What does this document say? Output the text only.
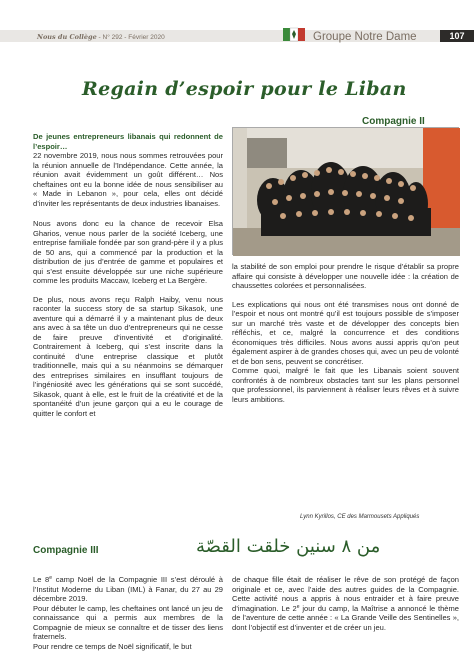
Nous du Collège - N° 292 - Février 2020	Groupe Notre Dame	107
Regain d’espoir pour le Liban
Compagnie II

De jeunes entrepreneurs libanais qui redonnent de l’espoir…

22 novembre 2019, nous nous sommes retrouvées pour la réunion annuelle de l’Indépendance. Cette année, la réunion avait évidemment un goût différent… Nos cheftaines ont eu la bonne idée de nous sensibiliser au « Made in Lebanon », pour cela, elles ont décidé d’inviter les représentants de deux industries libanaises.

Nous avons donc eu la chance de recevoir Elsa Gharios, venue nous parler de la société Iceberg, une entreprise familiale fondée par son grand-père il y a plus de 50 ans, qui a commencé par la production et la distribution de jus d’entrée de gamme et populaires et qui s’est ensuite développée sur une niche supérieure comme les produits Maccaw, Iceberg et La Bergère.

De plus, nous avons reçu Ralph Haiby, venu nous raconter la success story de sa startup Sikasok, une aventure qui a démarré il y a maintenant plus de deux ans avec à sa tête un duo d’entrepreneurs qui ne cesse de faire preuve d’inventivité et d’originalité. Contrairement à Iceberg, qui s’est inscrite dans la continuité d’une entreprise classique et plutôt traditionnelle, mais qui a su néanmoins se démarquer des entreprises similaires en insufflant toujours de l’ingéniosité avec les générations qui se sont succédé, Sikasok, quant à elle, est le fruit de la créativité et de la spontanéité d’un jeune garçon qui a eu le courage de quitter le confort et

la stabilité de son emploi pour prendre le risque d’établir sa propre affaire qui consiste à développer une nouvelle idée : la création de chaussettes colorées et personnalisées.

Les explications qui nous ont été transmises nous ont donné de l’espoir et nous ont montré qu’il est toujours possible de s’imposer sur un marché très vaste et de développer des concepts bien réfléchis, et ce, malgré la concurrence et des conditions économiques très difficiles. Nous avons aussi appris qu’on peut également aspirer à de grandes choses qui, avec un peu de volonté et de bon sens, peuvent se concrétiser.

Comme quoi, malgré le fait que les Libanais soient souvent confrontés à de nombreux obstacles tant sur les plans personnel que professionnel, ils parviennent à réaliser leurs rêves et à suivre leurs ambitions.

Lynn Kyrillos, CE des Marmousets Appliqués
Compagnie III	من ٨ سنين خلقت القصّة

Le 8e camp Noël de la Compagnie III s’est déroulé à l’Institut Moderne du Liban (IML) à Fanar, du 27 au 29 décembre 2019.

Pour débuter le camp, les cheftaines ont lancé un jeu de connaissance qui a permis aux membres de la Compagnie de mieux se connaître et de tisser des liens fraternels.

Pour rendre ce temps de Noël significatif, le but

de chaque fille était de réaliser le rêve de son protégé de façon originale et ce, avec l’aide des autres guides de la Compagnie. Cette activité nous a appris à nous entraider et à faire preuve d’imagination. Le 2e jour du camp, la Maîtrise a annoncé le thème de l’aventure de cette année : « La Grande Veille des Sentinelles », dont l’objectif est d’inventer et de créer un jeu.
